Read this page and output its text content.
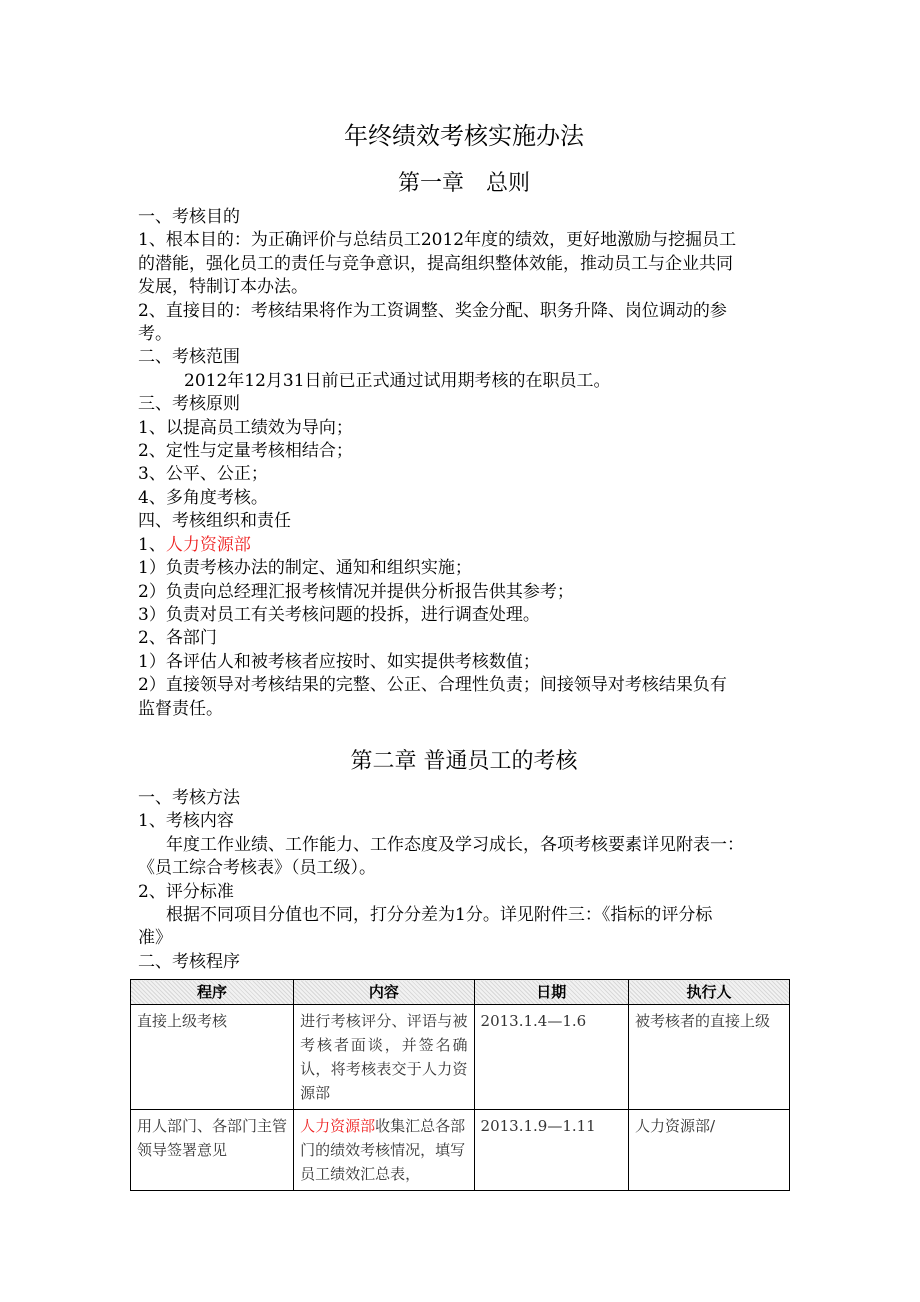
年终绩效考核实施办法
第一章　总则
一、考核目的
1、根本目的：为正确评价与总结员工2012年度的绩效，更好地激励与挖掘员工
的潜能，强化员工的责任与竞争意识，提高组织整体效能，推动员工与企业共同
发展，特制订本办法。
2、直接目的：考核结果将作为工资调整、奖金分配、职务升降、岗位调动的参
考。
二、考核范围
2012年12月31日前已正式通过试用期考核的在职员工。
三、考核原则
1、以提高员工绩效为导向；
2、定性与定量考核相结合；
3、公平、公正；
4、多角度考核。
四、考核组织和责任
1、人力资源部
1）负责考核办法的制定、通知和组织实施；
2）负责向总经理汇报考核情况并提供分析报告供其参考；
3）负责对员工有关考核问题的投拆，进行调查处理。
2、各部门
1）各评估人和被考核者应按时、如实提供考核数值；
2）直接领导对考核结果的完整、公正、合理性负责；间接领导对考核结果负有
监督责任。
第二章 普通员工的考核
一、考核方法
1、考核内容
年度工作业绩、工作能力、工作态度及学习成长，各项考核要素详见附表一：
《员工综合考核表》（员工级）。
2、评分标准
根据不同项目分值也不同，打分分差为1分。详见附件三：《指标的评分标
准》
二、考核程序
程序	内容	日期	执行人
直接上级考核	进行考核评分、评语与被考核者面谈，并签名确认，将考核表交于人力资源部	2013.1.4—1.6	被考核者的直接上级
用人部门、各部门主管领导签署意见	人力资源部收集汇总各部门的绩效考核情况，填写员工绩效汇总表，	2013.1.9—1.11	人力资源部/
